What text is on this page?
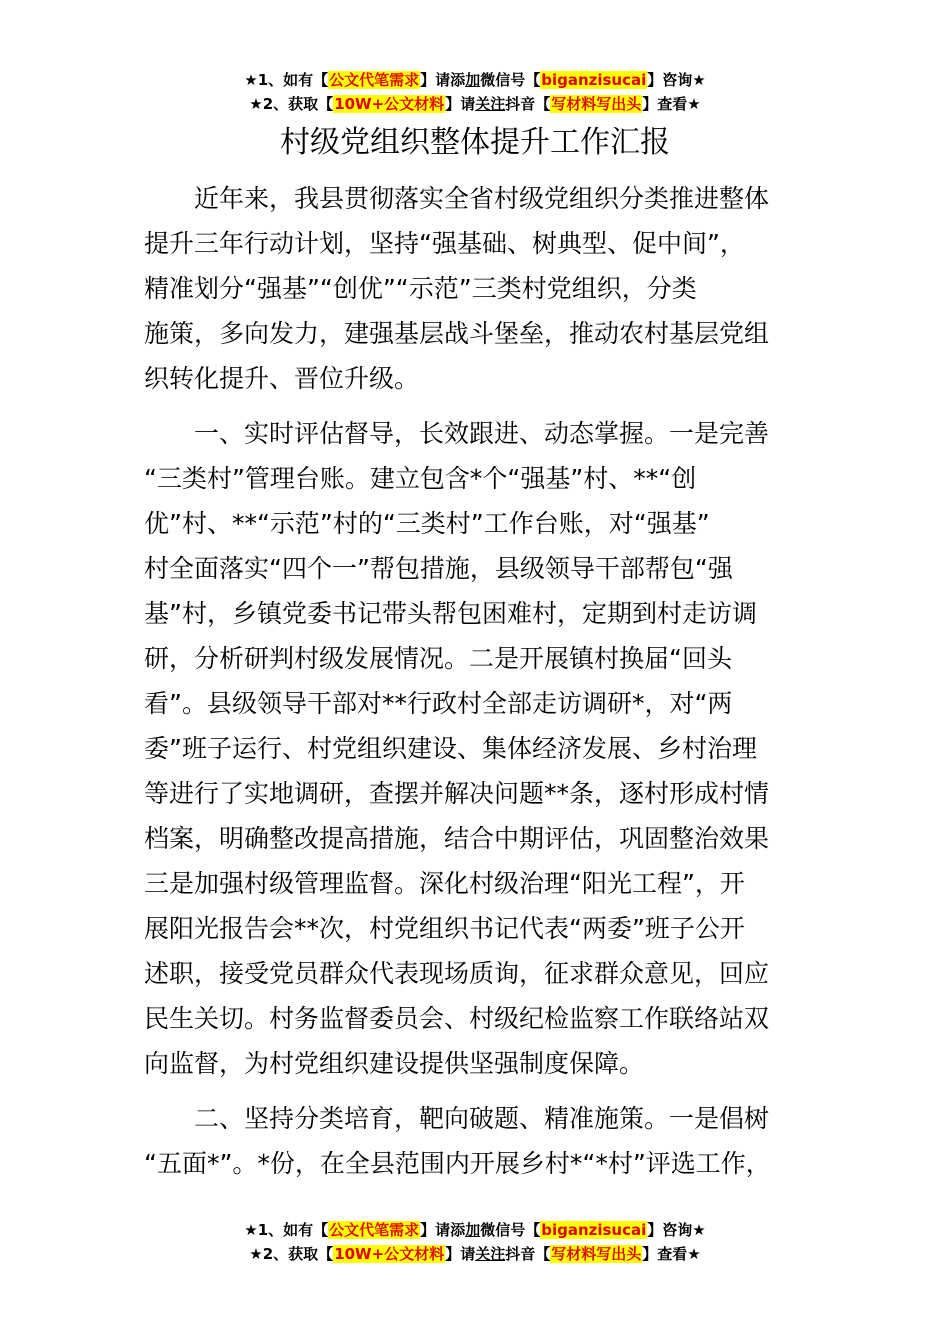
★1、如有【公文代笔需求】请添加微信号【biganzisucai】咨询★
★2、获取【10W+公文材料】请关注抖音【写材料写出头】查看★
村级党组织整体提升工作汇报

　　近年来，我县贯彻落实全省村级党组织分类推进整体
提升三年行动计划，坚持“强基础、树典型、促中间”，
精准划分“强基”“创优”“示范”三类村党组织，分类
施策，多向发力，建强基层战斗堡垒，推动农村基层党组
织转化提升、晋位升级。

　　一、实时评估督导，长效跟进、动态掌握。一是完善
“三类村”管理台账。建立包含*个“强基”村、**“创
优”村、**“示范”村的“三类村”工作台账，对“强基”
村全面落实“四个一”帮包措施，县级领导干部帮包“强
基”村，乡镇党委书记带头帮包困难村，定期到村走访调
研，分析研判村级发展情况。二是开展镇村换届“回头
看”。县级领导干部对**行政村全部走访调研*，对“两
委”班子运行、村党组织建设、集体经济发展、乡村治理
等进行了实地调研，查摆并解决问题**条，逐村形成村情
档案，明确整改提高措施，结合中期评估，巩固整治效果
三是加强村级管理监督。深化村级治理“阳光工程”，开
展阳光报告会**次，村党组织书记代表“两委”班子公开
述职，接受党员群众代表现场质询，征求群众意见，回应
民生关切。村务监督委员会、村级纪检监察工作联络站双
向监督，为村党组织建设提供坚强制度保障。

　　二、坚持分类培育，靶向破题、精准施策。一是倡树
“五面*”。*份，在全县范围内开展乡村*“*村”评选工作，

★1、如有【公文代笔需求】请添加微信号【biganzisucai】咨询★
★2、获取【10W+公文材料】请关注抖音【写材料写出头】查看★
